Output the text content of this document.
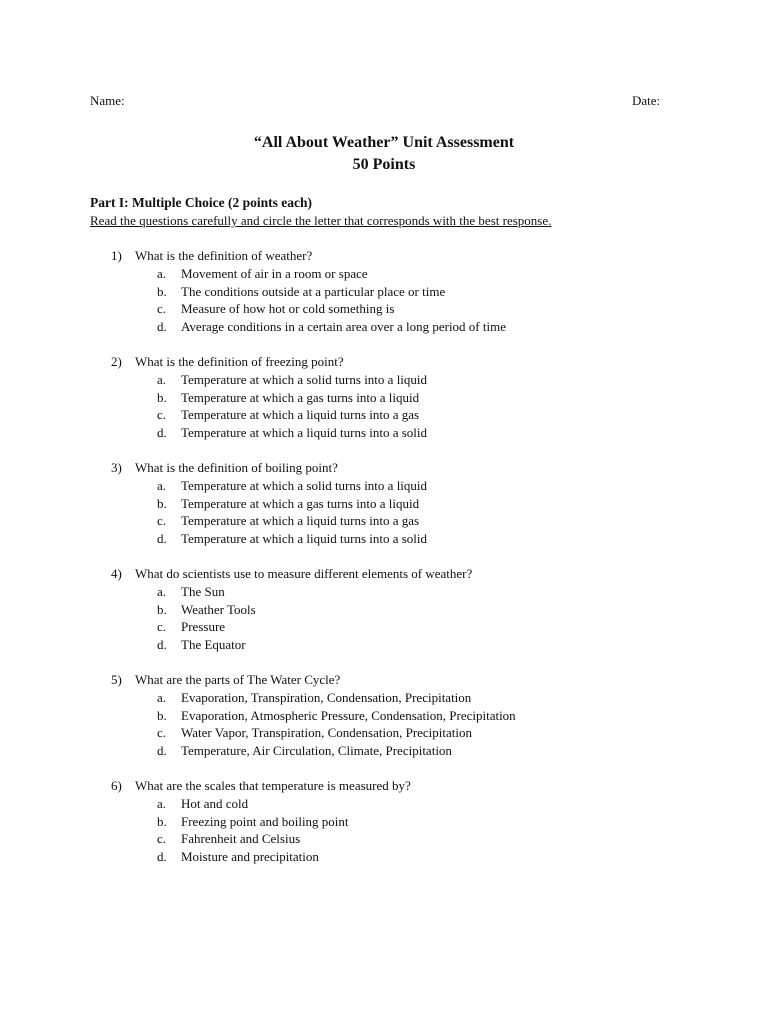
Name:	Date:
“All About Weather” Unit Assessment
50 Points
Part I: Multiple Choice (2 points each)
Read the questions carefully and circle the letter that corresponds with the best response.
1) What is the definition of weather?
a. Movement of air in a room or space
b. The conditions outside at a particular place or time
c. Measure of how hot or cold something is
d. Average conditions in a certain area over a long period of time
2) What is the definition of freezing point?
a. Temperature at which a solid turns into a liquid
b. Temperature at which a gas turns into a liquid
c. Temperature at which a liquid turns into a gas
d. Temperature at which a liquid turns into a solid
3) What is the definition of boiling point?
a. Temperature at which a solid turns into a liquid
b. Temperature at which a gas turns into a liquid
c. Temperature at which a liquid turns into a gas
d. Temperature at which a liquid turns into a solid
4) What do scientists use to measure different elements of weather?
a. The Sun
b. Weather Tools
c. Pressure
d. The Equator
5) What are the parts of The Water Cycle?
a. Evaporation, Transpiration, Condensation, Precipitation
b. Evaporation, Atmospheric Pressure, Condensation, Precipitation
c. Water Vapor, Transpiration, Condensation, Precipitation
d. Temperature, Air Circulation, Climate, Precipitation
6) What are the scales that temperature is measured by?
a. Hot and cold
b. Freezing point and boiling point
c. Fahrenheit and Celsius
d. Moisture and precipitation
